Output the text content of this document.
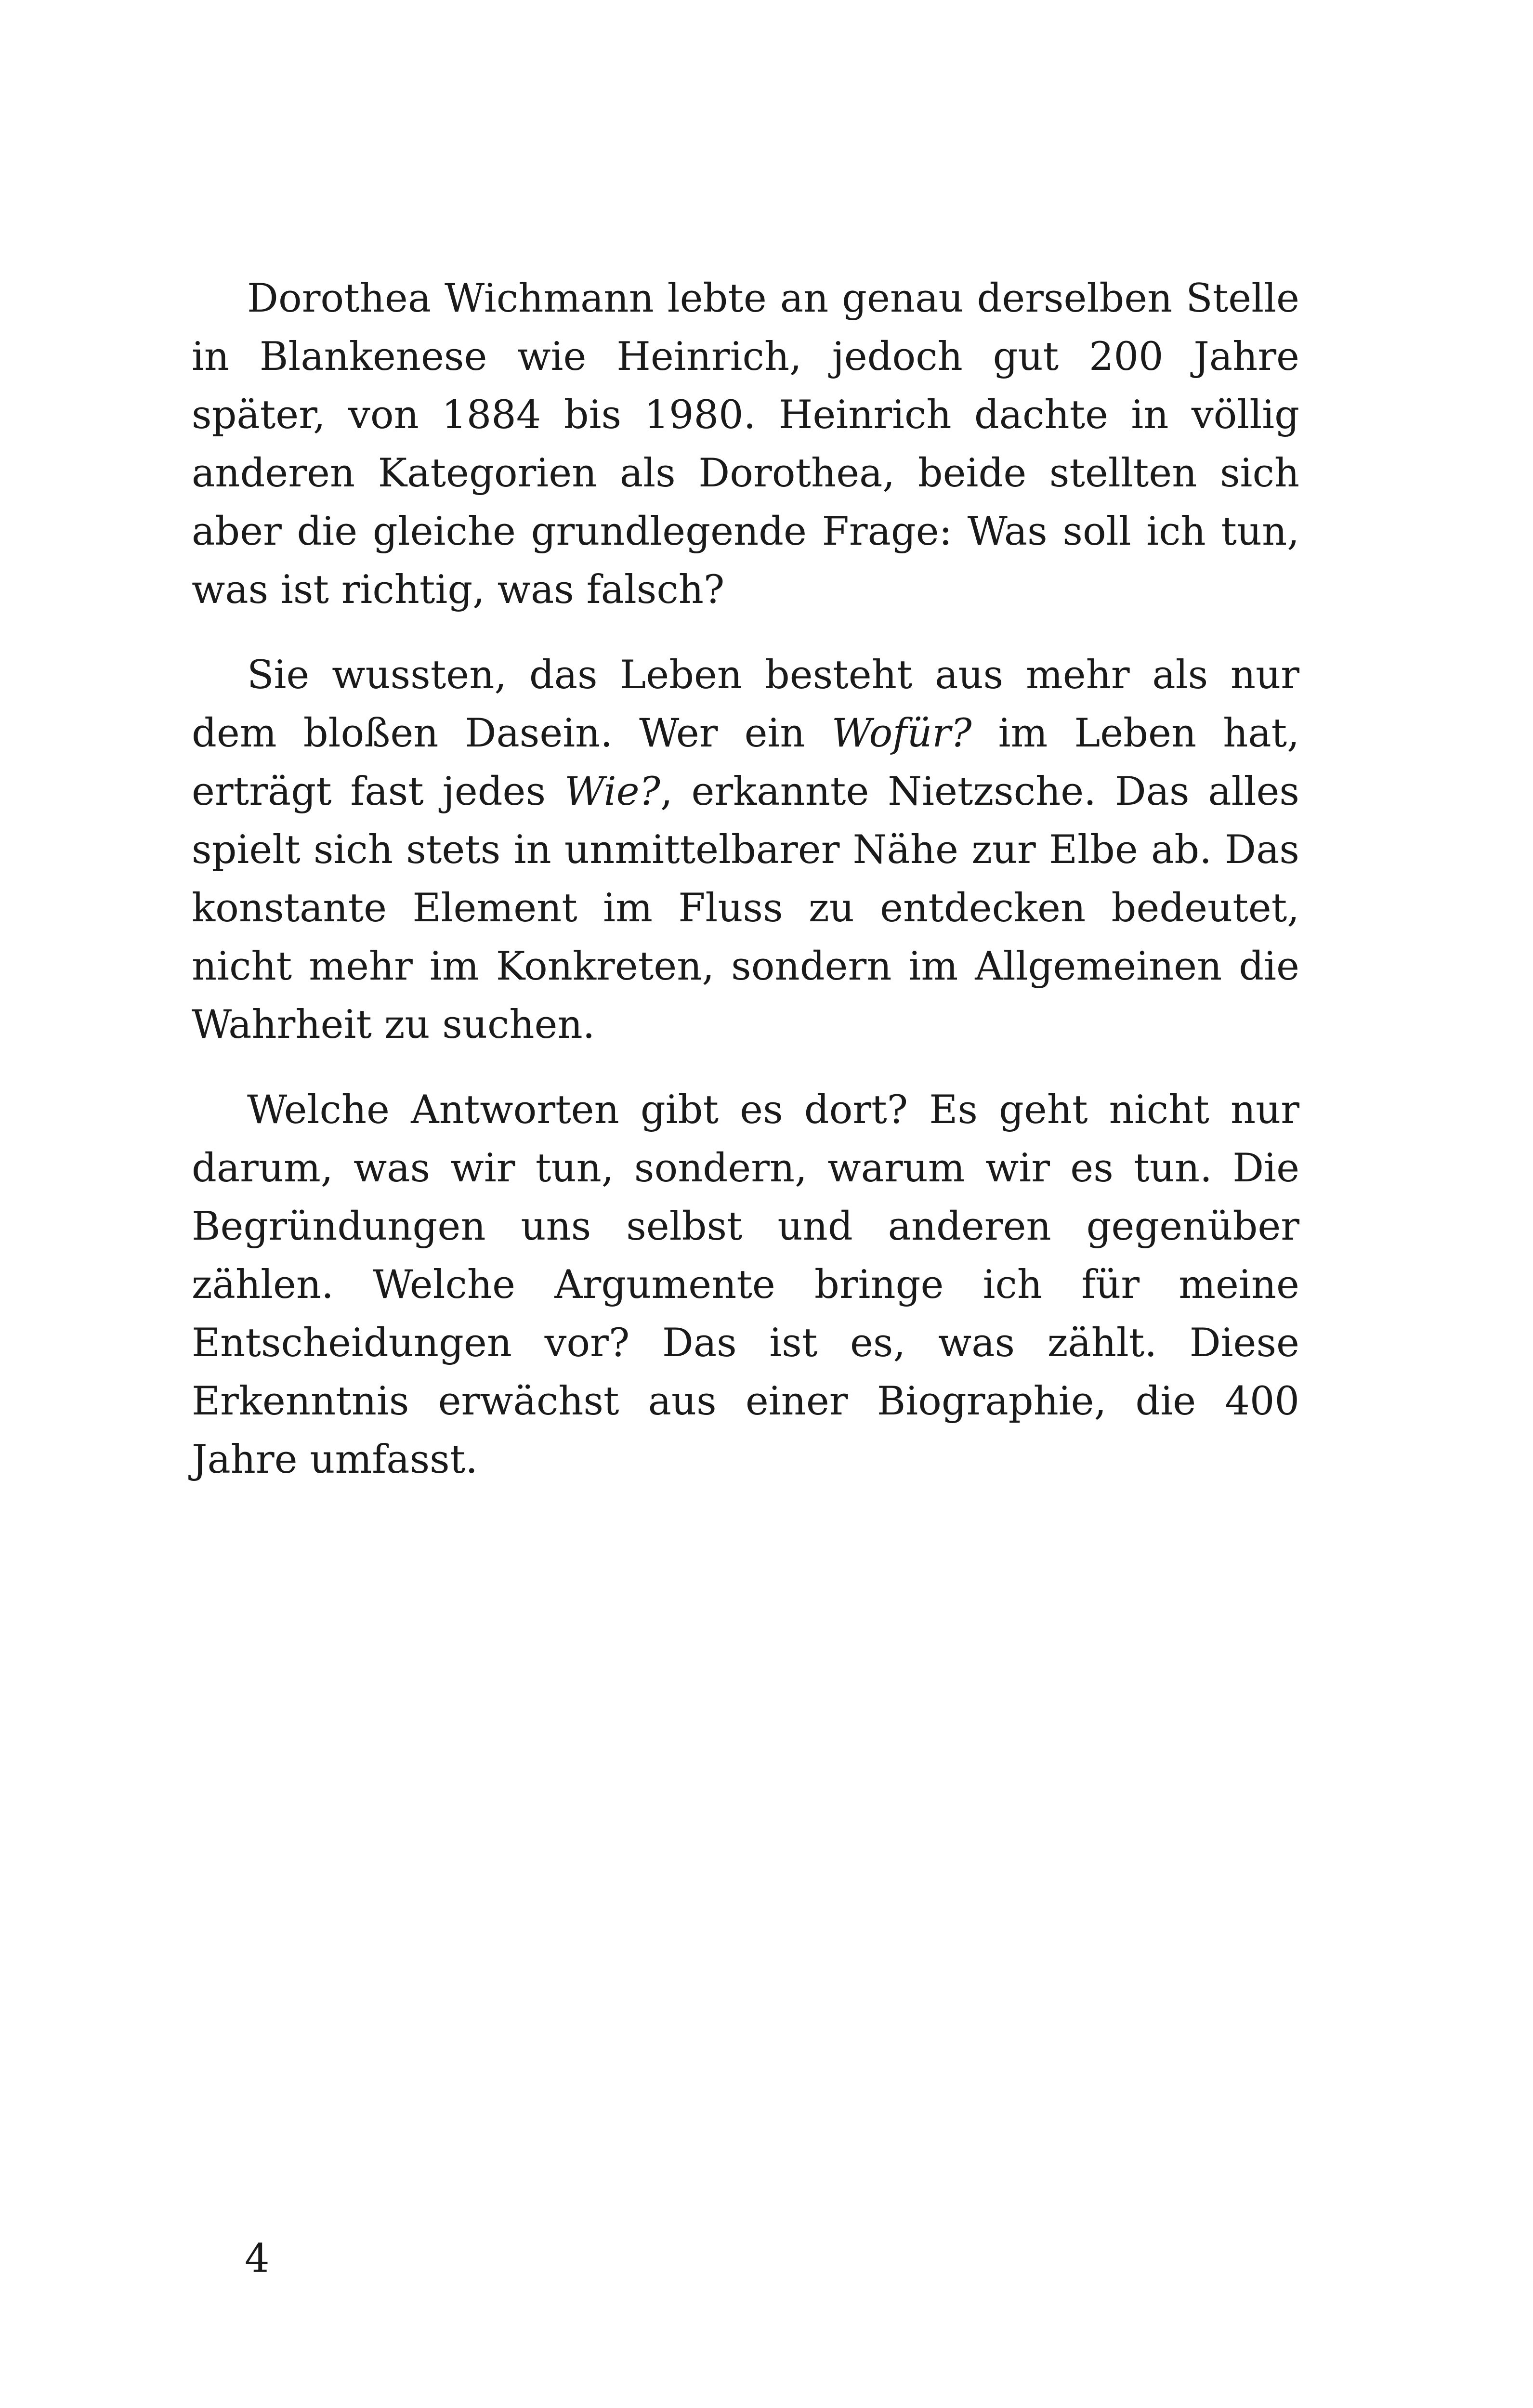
Dorothea Wichmann lebte an genau derselben Stelle in Blankenese wie Heinrich, jedoch gut 200 Jahre später, von 1884 bis 1980. Heinrich dachte in völlig anderen Kategorien als Dorothea, beide stellten sich aber die gleiche grundlegende Frage: Was soll ich tun, was ist richtig, was falsch?

Sie wussten, das Leben besteht aus mehr als nur dem bloßen Dasein. Wer ein Wofür? im Leben hat, erträgt fast jedes Wie?, erkannte Nietzsche. Das alles spielt sich stets in unmittelbarer Nähe zur Elbe ab. Das konstante Element im Fluss zu entdecken bedeutet, nicht mehr im Konkreten, sondern im Allgemeinen die Wahrheit zu suchen.

Welche Antworten gibt es dort? Es geht nicht nur darum, was wir tun, sondern, warum wir es tun. Die Begründungen uns selbst und anderen gegenüber zählen. Welche Argumente bringe ich für meine Entscheidungen vor? Das ist es, was zählt. Diese Erkenntnis erwächst aus einer Biographie, die 400 Jahre umfasst.

4
